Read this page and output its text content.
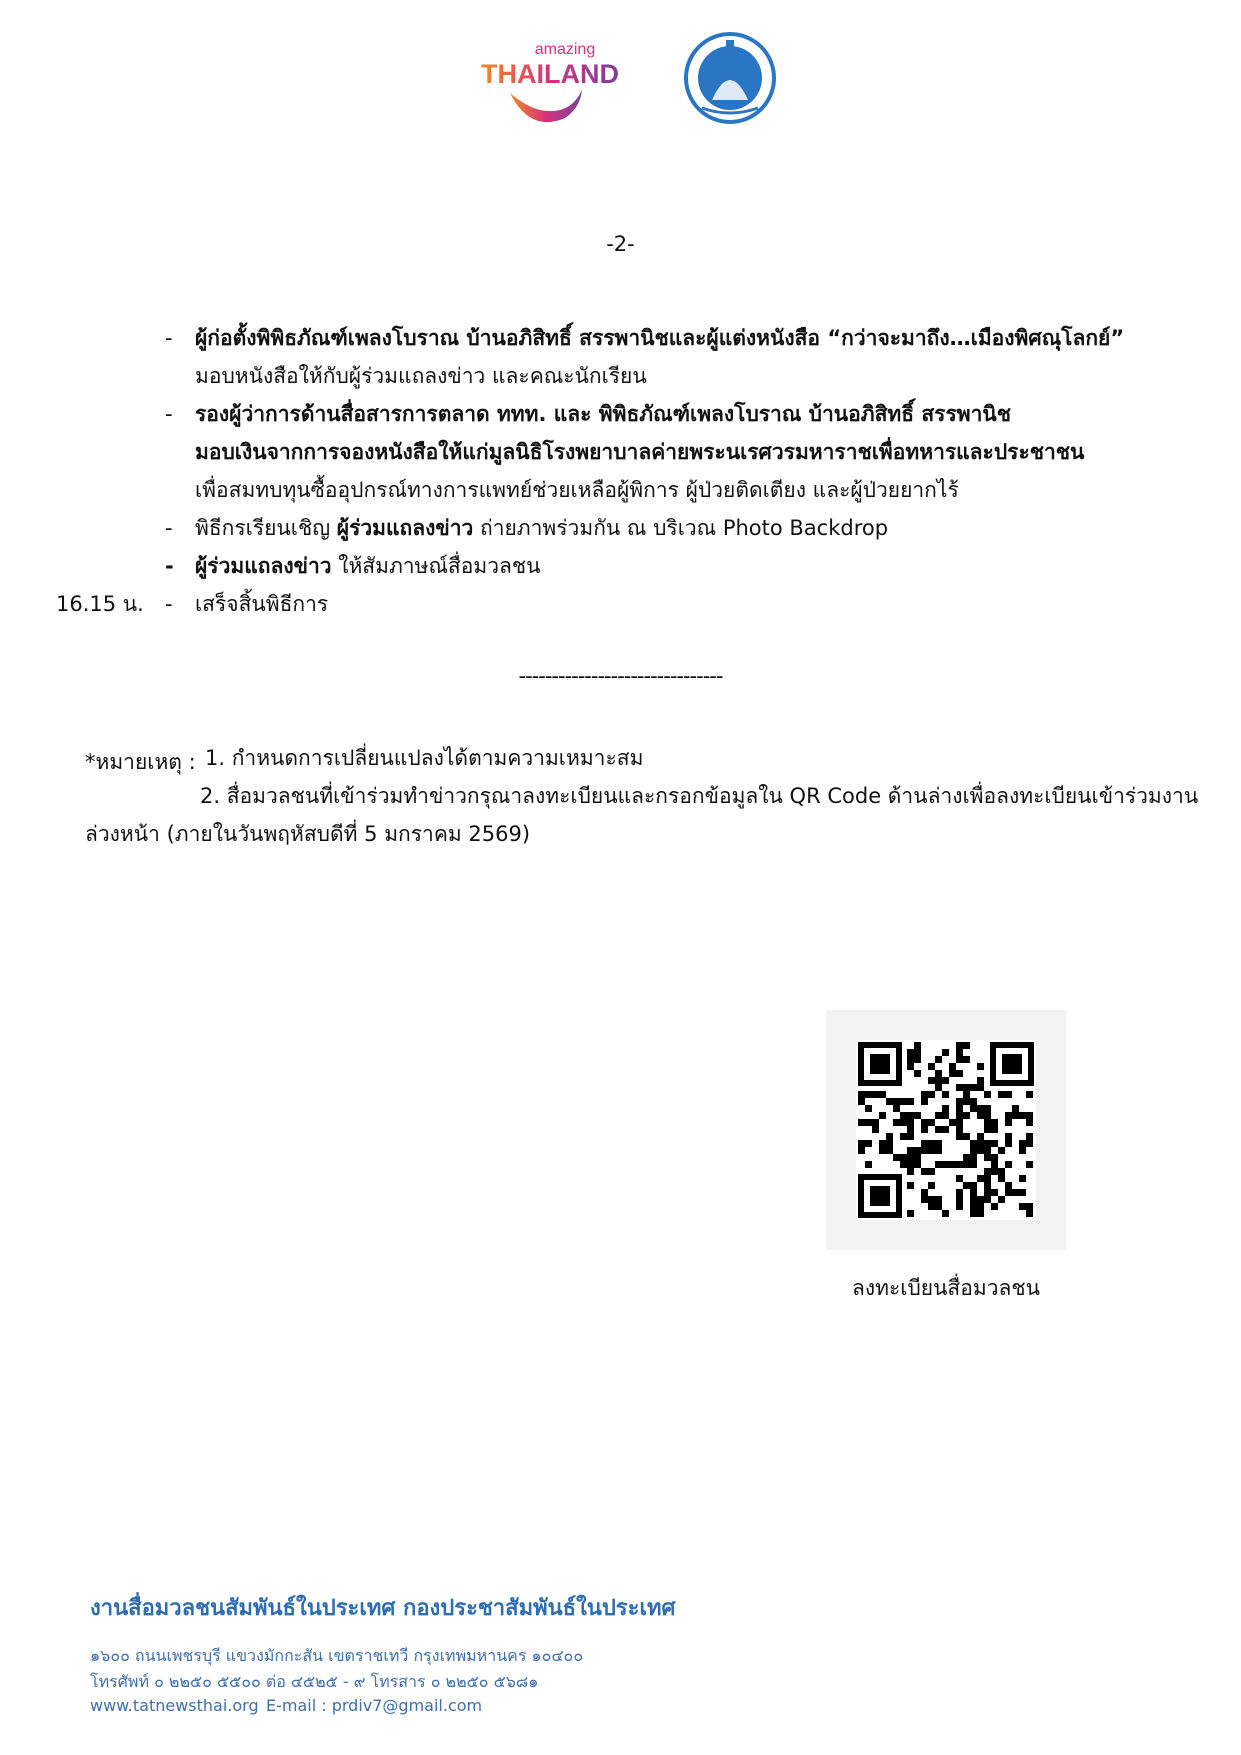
amazing
THAILAND
-2-
- ผู้ก่อตั้งพิพิธภัณฑ์เพลงโบราณ บ้านอภิสิทธิ์ สรรพานิชและผู้แต่งหนังสือ “กว่าจะมาถึง…เมืองพิศณุโลกย์”
มอบหนังสือให้กับผู้ร่วมแถลงข่าว และคณะนักเรียน
- รองผู้ว่าการด้านสื่อสารการตลาด ททท. และ พิพิธภัณฑ์เพลงโบราณ บ้านอภิสิทธิ์ สรรพานิช
มอบเงินจากการจองหนังสือให้แก่มูลนิธิโรงพยาบาลค่ายพระนเรศวรมหาราชเพื่อทหารและประชาชน
เพื่อสมทบทุนซื้ออุปกรณ์ทางการแพทย์ช่วยเหลือผู้พิการ ผู้ป่วยติดเตียง และผู้ป่วยยากไร้
- พิธีกรเรียนเชิญ ผู้ร่วมแถลงข่าว ถ่ายภาพร่วมกัน ณ บริเวณ Photo Backdrop
- ผู้ร่วมแถลงข่าว ให้สัมภาษณ์สื่อมวลชน
16.15 น. - เสร็จสิ้นพิธีการ
-------------------------------
*หมายเหตุ : 1. กำหนดการเปลี่ยนแปลงได้ตามความเหมาะสม
2. สื่อมวลชนที่เข้าร่วมทำข่าวกรุณาลงทะเบียนและกรอกข้อมูลใน QR Code ด้านล่างเพื่อลงทะเบียนเข้าร่วมงาน
ล่วงหน้า (ภายในวันพฤหัสบดีที่ 5 มกราคม 2569)
ลงทะเบียนสื่อมวลชน
งานสื่อมวลชนสัมพันธ์ในประเทศ กองประชาสัมพันธ์ในประเทศ
๑๖๐๐ ถนนเพชรบุรี แขวงมักกะสัน เขตราชเทวี กรุงเทพมหานคร ๑๐๔๐๐
โทรศัพท์ ๐ ๒๒๕๐ ๕๕๐๐ ต่อ ๔๕๒๕ - ๙ โทรสาร ๐ ๒๒๕๐ ๕๖๘๑
www.tatnewsthai.org E-mail : prdiv7@gmail.com
